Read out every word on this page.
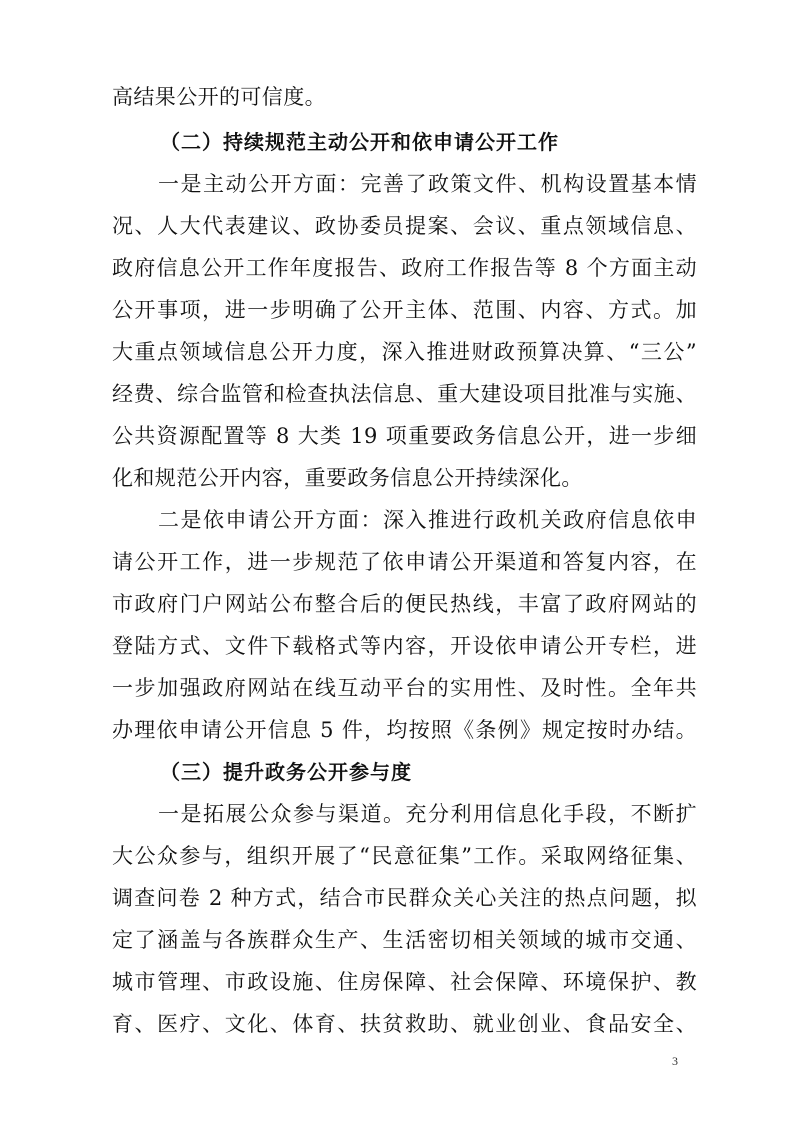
高结果公开的可信度。
（二）持续规范主动公开和依申请公开工作
一是主动公开方面：完善了政策文件、机构设置基本情
况、人大代表建议、政协委员提案、会议、重点领域信息、
政府信息公开工作年度报告、政府工作报告等 8 个方面主动
公开事项，进一步明确了公开主体、范围、内容、方式。加
大重点领域信息公开力度，深入推进财政预算决算、“三公”
经费、综合监管和检查执法信息、重大建设项目批准与实施、
公共资源配置等 8 大类 19 项重要政务信息公开，进一步细
化和规范公开内容，重要政务信息公开持续深化。
二是依申请公开方面：深入推进行政机关政府信息依申
请公开工作，进一步规范了依申请公开渠道和答复内容，在
市政府门户网站公布整合后的便民热线，丰富了政府网站的
登陆方式、文件下载格式等内容，开设依申请公开专栏，进
一步加强政府网站在线互动平台的实用性、及时性。全年共
办理依申请公开信息 5 件，均按照《条例》规定按时办结。
（三）提升政务公开参与度
一是拓展公众参与渠道。充分利用信息化手段，不断扩
大公众参与，组织开展了“民意征集”工作。采取网络征集、
调查问卷 2 种方式，结合市民群众关心关注的热点问题，拟
定了涵盖与各族群众生产、生活密切相关领域的城市交通、
城市管理、市政设施、住房保障、社会保障、环境保护、教
育、医疗、文化、体育、扶贫救助、就业创业、食品安全、
3
